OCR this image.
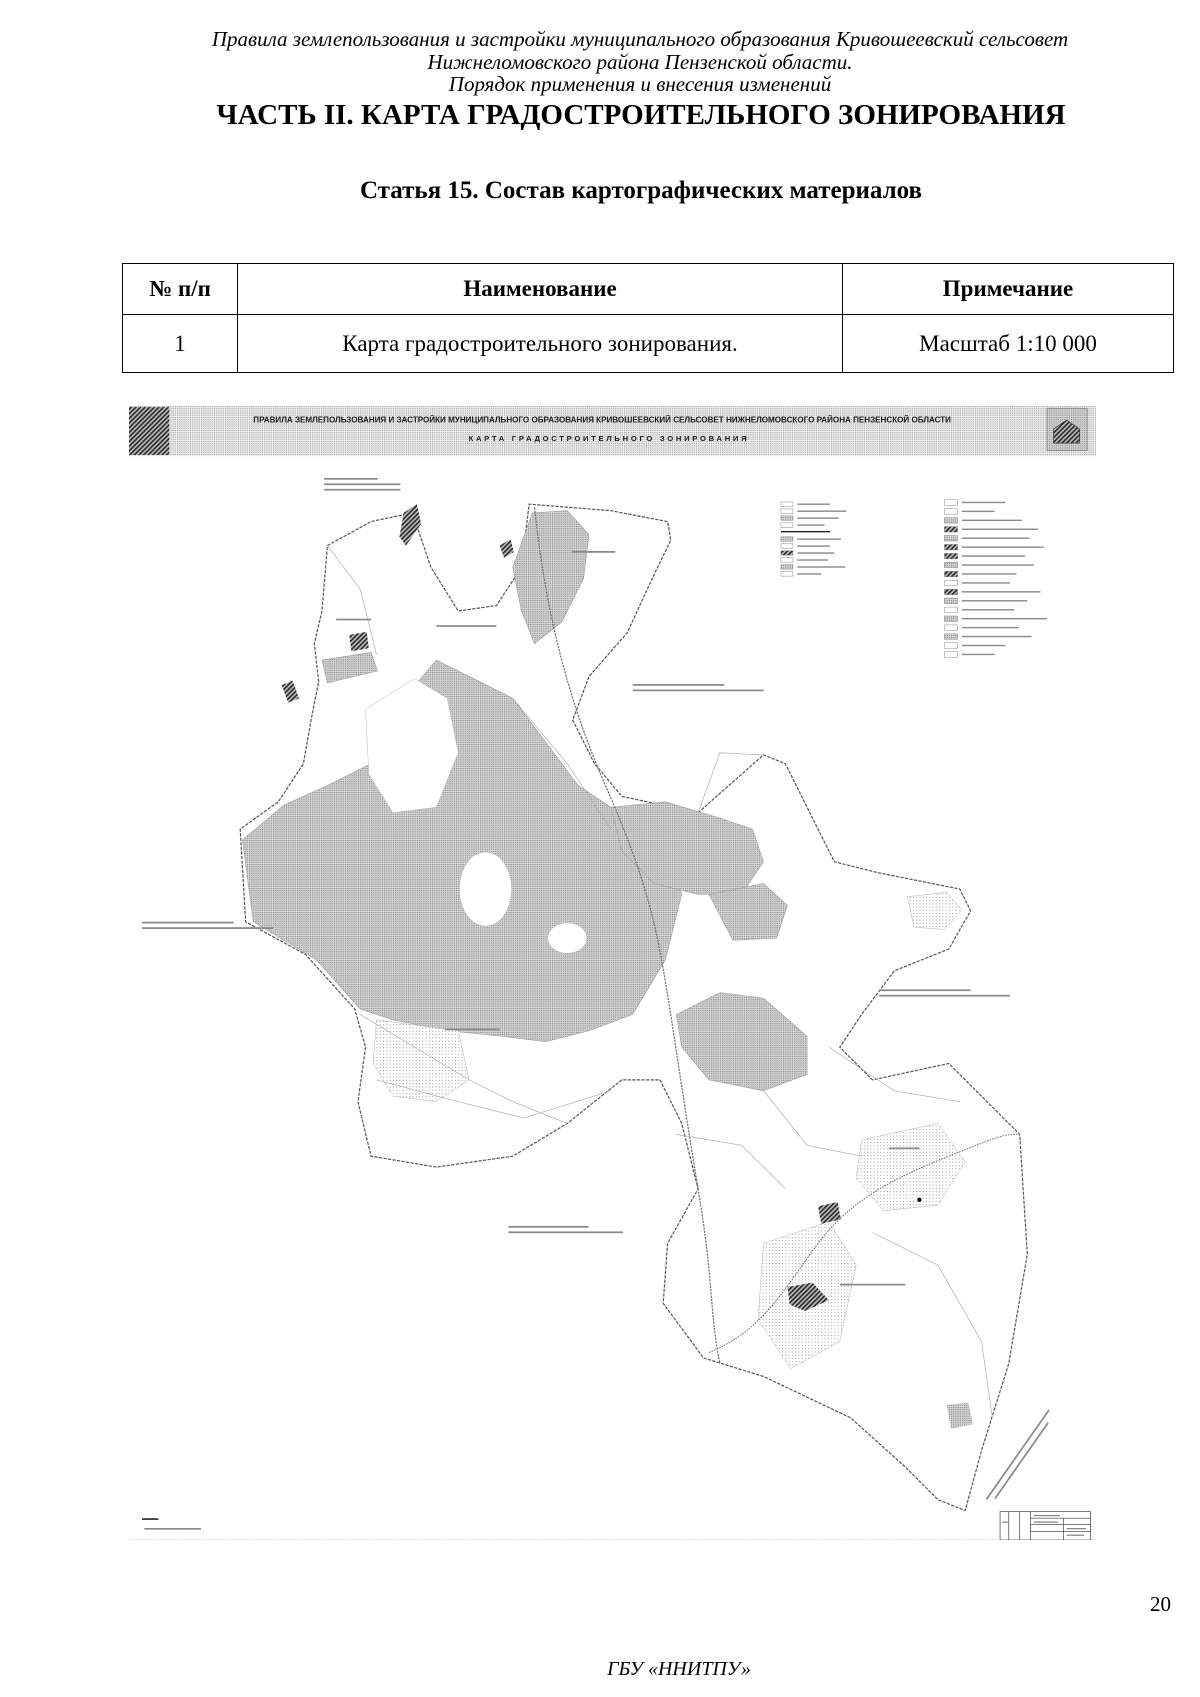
Правила землепользования и застройки муниципального образования Кривошеевский сельсовет
Нижнеломовского района Пензенской области.
Порядок применения и внесения изменений
ЧАСТЬ II. КАРТА ГРАДОСТРОИТЕЛЬНОГО ЗОНИРОВАНИЯ
Статья 15. Состав картографических материалов
№ п/п	Наименование	Примечание
1	Карта градостроительного зонирования.	Масштаб 1:10 000
ПРАВИЛА ЗЕМЛЕПОЛЬЗОВАНИЯ И ЗАСТРОЙКИ МУНИЦИПАЛЬНОГО ОБРАЗОВАНИЯ КРИВОШЕЕВСКИЙ СЕЛЬСОВЕТ НИЖНЕЛОМОВСКОГО РАЙОНА ПЕНЗЕНСКОЙ ОБЛАСТИ
КАРТА ГРАДОСТРОИТЕЛЬНОГО ЗОНИРОВАНИЯ
20
ГБУ «ННИТПУ»
